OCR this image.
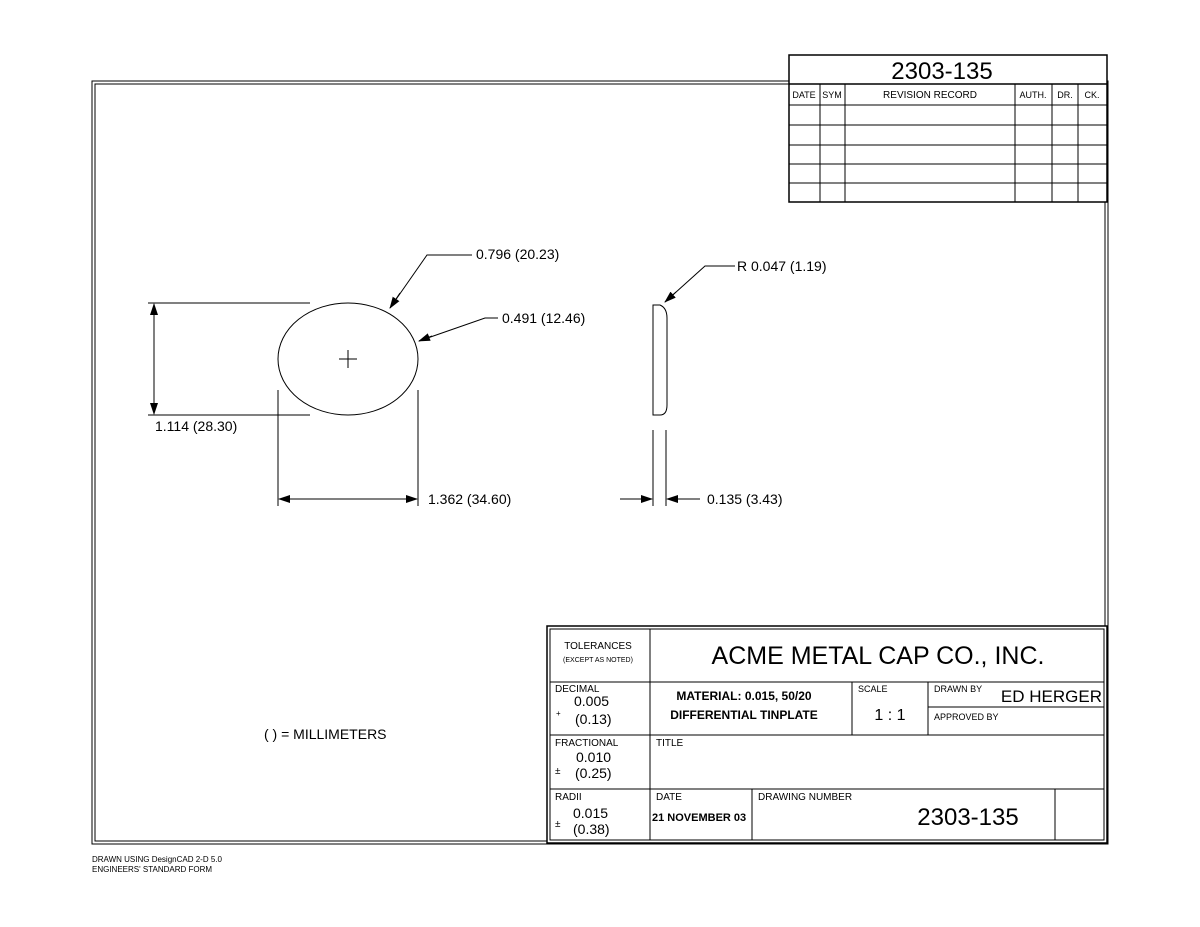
2303-135
DATE SYM	REVISION RECORD	AUTH. DR. CK.
0.796 (20.23)
0.491 (12.46)
1.114 (28.30)
1.362 (34.60)
R 0.047 (1.19)
0.135 (3.43)
( ) = MILLIMETERS
TOLERANCES
(EXCEPT AS NOTED)	ACME METAL CAP CO., INC.
DECIMAL
0.005
+ (0.13)
MATERIAL: 0.015, 50/20
DIFFERENTIAL TINPLATE
SCALE
1 : 1
DRAWN BY ED HERGER
APPROVED BY
FRACTIONAL
0.010
± (0.25)
TITLE
RADII
0.015
± (0.38)
DATE
21 NOVEMBER 03
DRAWING NUMBER
2303-135
DRAWN USING DesignCAD 2-D 5.0
ENGINEERS' STANDARD FORM
